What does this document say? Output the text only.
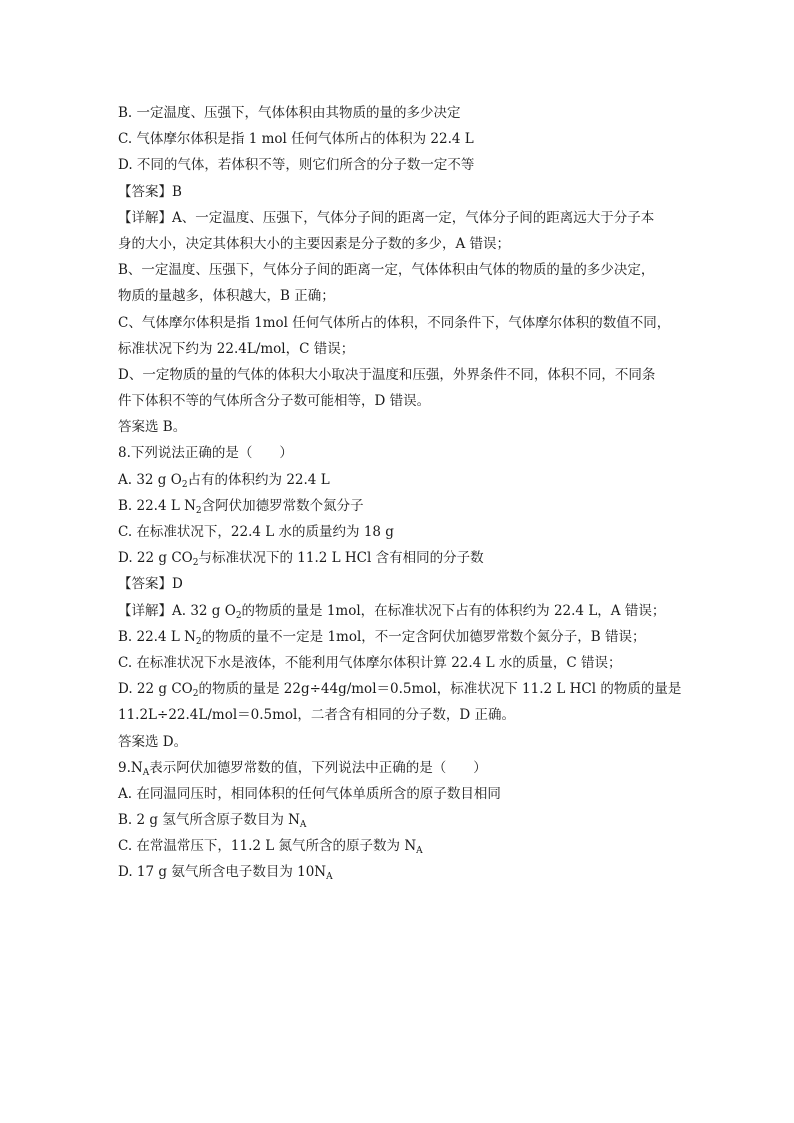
B. 一定温度、压强下，气体体积由其物质的量的多少决定
C. 气体摩尔体积是指 1 mol 任何气体所占的体积为 22.4 L
D. 不同的气体，若体积不等，则它们所含的分子数一定不等
【答案】B
【详解】A、一定温度、压强下，气体分子间的距离一定，气体分子间的距离远大于分子本
身的大小，决定其体积大小的主要因素是分子数的多少，A 错误；
B、一定温度、压强下，气体分子间的距离一定，气体体积由气体的物质的量的多少决定，
物质的量越多，体积越大，B 正确；
C、气体摩尔体积是指 1mol 任何气体所占的体积，不同条件下，气体摩尔体积的数值不同，
标准状况下约为 22.4L/mol，C 错误；
D、一定物质的量的气体的体积大小取决于温度和压强，外界条件不同，体积不同，不同条
件下体积不等的气体所含分子数可能相等，D 错误。
答案选 B。
8.下列说法正确的是（　　）
A. 32 g $O_2$占有的体积约为 22.4 L
B. 22.4 L $N_2$含阿伏加德罗常数个氮分子
C. 在标准状况下，22.4 L 水的质量约为 18 g
D. 22 g $CO_2$与标准状况下的 11.2 L HCl 含有相同的分子数
【答案】D
【详解】A. 32 g $O_2$的物质的量是 1mol，在标准状况下占有的体积约为 22.4 L，A 错误；
B. 22.4 L $N_2$的物质的量不一定是 1mol，不一定含阿伏加德罗常数个氮分子，B 错误；
C. 在标准状况下水是液体，不能利用气体摩尔体积计算 22.4 L 水的质量，C 错误；
D. 22 g $CO_2$的物质的量是 22g÷44g/mol＝0.5mol，标准状况下 11.2 L HCl 的物质的量是
11.2L÷22.4L/mol＝0.5mol，二者含有相同的分子数，D 正确。
答案选 D。
$9.N_A$表示阿伏加德罗常数的值，下列说法中正确的是（　　）
A. 在同温同压时，相同体积的任何气体单质所含的原子数目相同
B. 2 g 氢气所含原子数目为 $N_A$
C. 在常温常压下，11.2 L 氮气所含的原子数为 $N_A$
D. 17 g 氨气所含电子数目为 $10N_A$
